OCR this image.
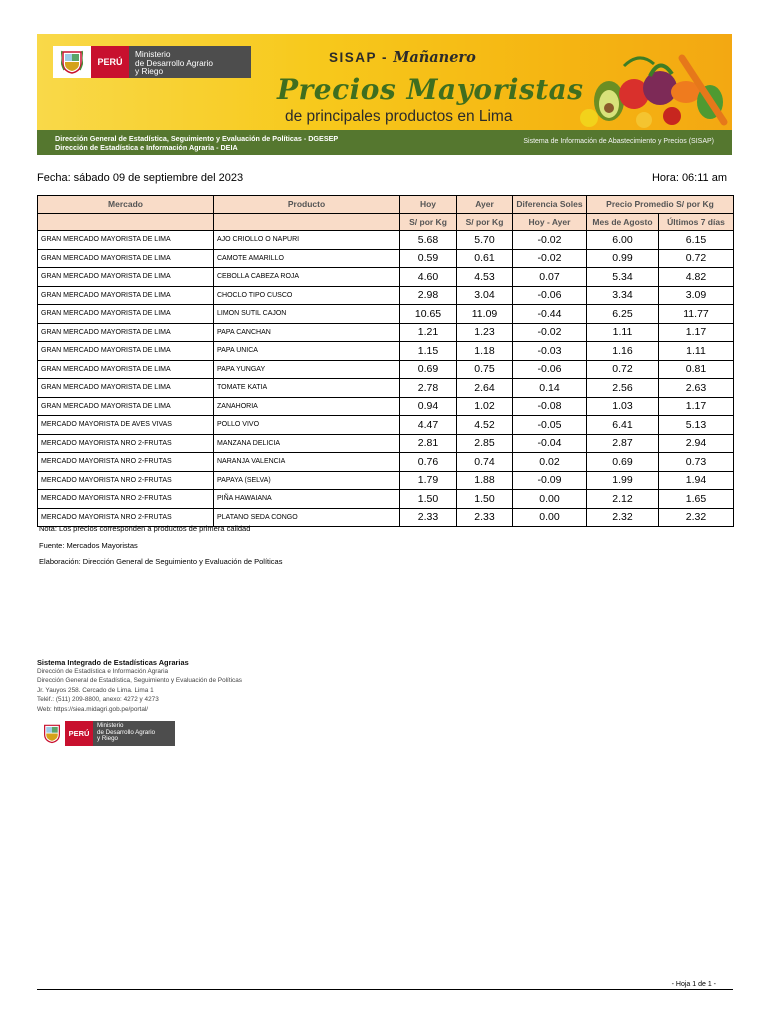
PERÚ
Ministerio
de Desarrollo Agrario
y Riego
SISAP - Mañanero
Precios Mayoristas
de principales productos en Lima
Dirección General de Estadística, Seguimiento y Evaluación de Políticas - DGESEP
Dirección de Estadística e Información Agraria - DEIA
Sistema de Información de Abastecimiento y Precios (SISAP)
Fecha: sábado 09 de septiembre del 2023	Hora: 06:11 am
Mercado	Producto	Hoy	Ayer	Diferencia Soles	Precio Promedio S/ por Kg	
		S/ por Kg	S/ por Kg	Hoy - Ayer	Mes de Agosto	Últimos 7 días
GRAN MERCADO MAYORISTA DE LIMA	AJO CRIOLLO O NAPURI	5.68	5.70	-0.02	6.00	6.15
GRAN MERCADO MAYORISTA DE LIMA	CAMOTE AMARILLO	0.59	0.61	-0.02	0.99	0.72
GRAN MERCADO MAYORISTA DE LIMA	CEBOLLA CABEZA ROJA	4.60	4.53	0.07	5.34	4.82
GRAN MERCADO MAYORISTA DE LIMA	CHOCLO TIPO CUSCO	2.98	3.04	-0.06	3.34	3.09
GRAN MERCADO MAYORISTA DE LIMA	LIMON SUTIL CAJON	10.65	11.09	-0.44	6.25	11.77
GRAN MERCADO MAYORISTA DE LIMA	PAPA CANCHAN	1.21	1.23	-0.02	1.11	1.17
GRAN MERCADO MAYORISTA DE LIMA	PAPA UNICA	1.15	1.18	-0.03	1.16	1.11
GRAN MERCADO MAYORISTA DE LIMA	PAPA YUNGAY	0.69	0.75	-0.06	0.72	0.81
GRAN MERCADO MAYORISTA DE LIMA	TOMATE KATIA	2.78	2.64	0.14	2.56	2.63
GRAN MERCADO MAYORISTA DE LIMA	ZANAHORIA	0.94	1.02	-0.08	1.03	1.17
MERCADO MAYORISTA DE AVES VIVAS	POLLO VIVO	4.47	4.52	-0.05	6.41	5.13
MERCADO MAYORISTA NRO 2-FRUTAS	MANZANA DELICIA	2.81	2.85	-0.04	2.87	2.94
MERCADO MAYORISTA NRO 2-FRUTAS	NARANJA VALENCIA	0.76	0.74	0.02	0.69	0.73
MERCADO MAYORISTA NRO 2-FRUTAS	PAPAYA (SELVA)	1.79	1.88	-0.09	1.99	1.94
MERCADO MAYORISTA NRO 2-FRUTAS	PIÑA HAWAIANA	1.50	1.50	0.00	2.12	1.65
MERCADO MAYORISTA NRO 2-FRUTAS	PLATANO SEDA CONGO	2.33	2.33	0.00	2.32	2.32
Nota: Los precios corresponden a productos de primera calidad
Fuente: Mercados Mayoristas
Elaboración: Dirección General de Seguimiento y Evaluación de Políticas
Sistema Integrado de Estadísticas Agrarias
Dirección de Estadística e Información Agraria
Dirección General de Estadística, Seguimiento y Evaluación de Políticas
Jr. Yauyos 258. Cercado de Lima. Lima 1
Teléf.: (511) 209-8800, anexo: 4272 y 4273
Web: https://siea.midagri.gob.pe/portal/
PERÚ
Ministerio
de Desarrollo Agrario
y Riego
- Hoja 1 de 1 -
